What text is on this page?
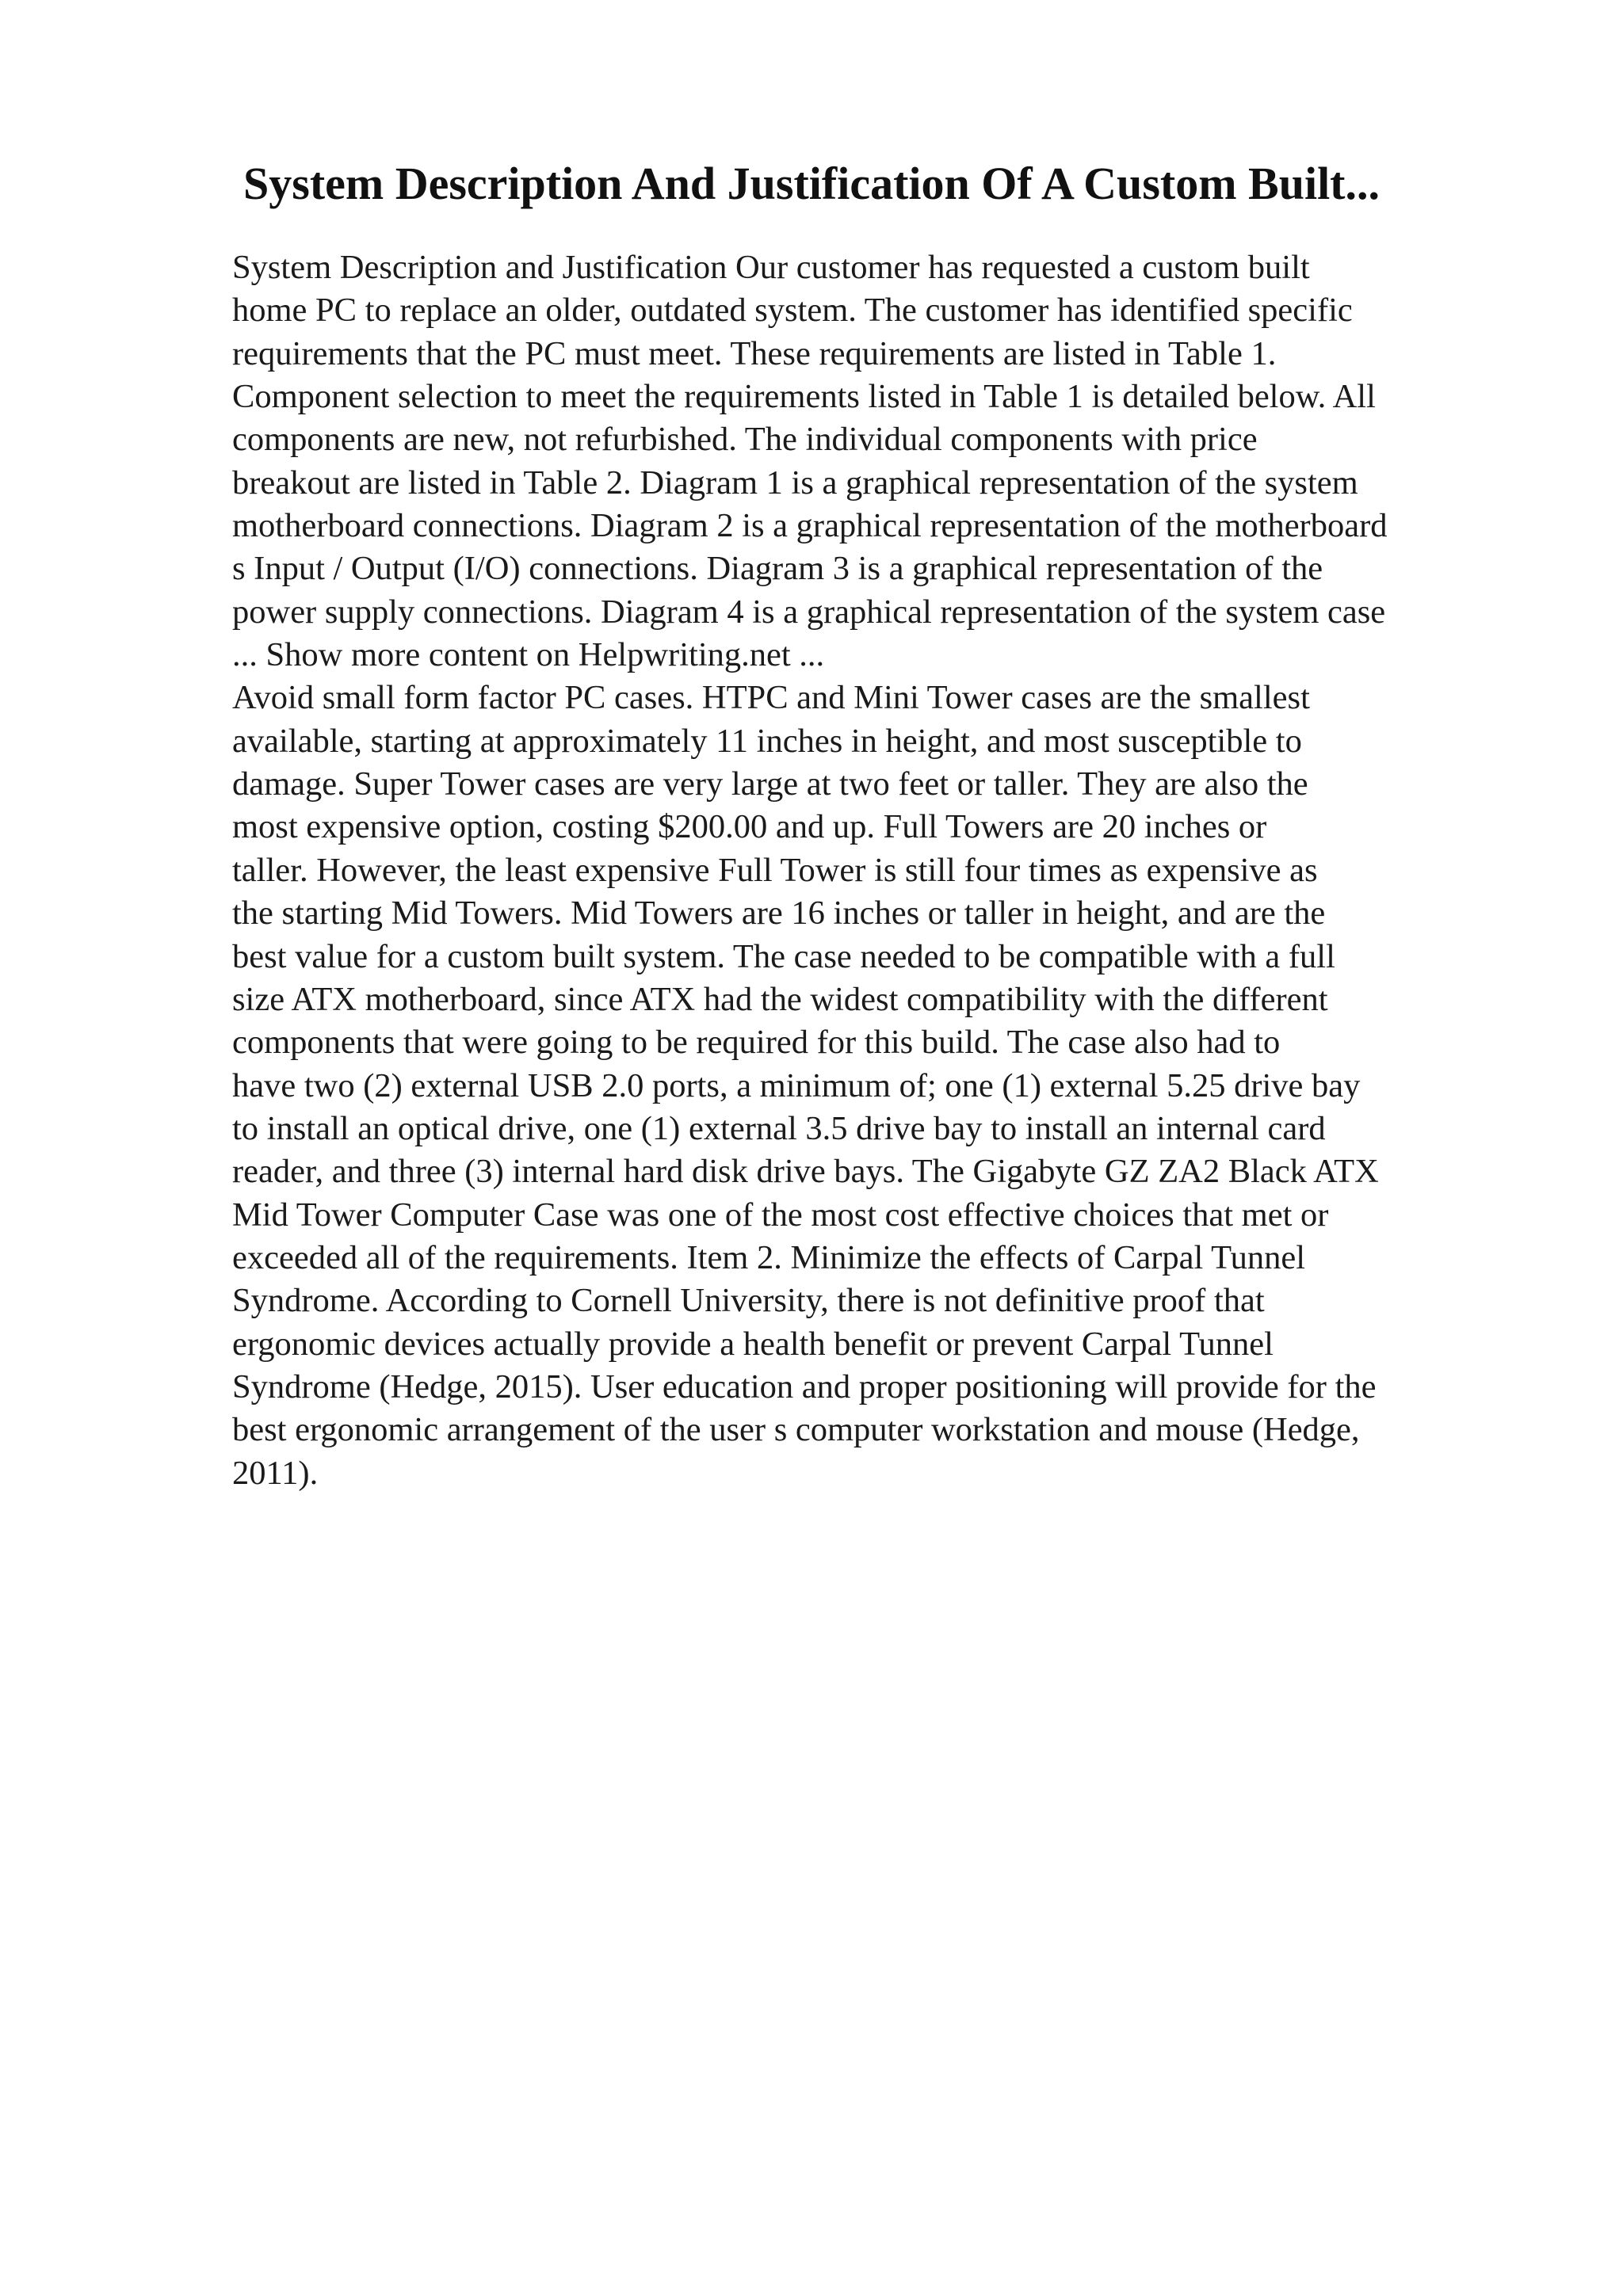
System Description And Justification Of A Custom Built...
System Description and Justification Our customer has requested a custom built
home PC to replace an older, outdated system. The customer has identified specific
requirements that the PC must meet. These requirements are listed in Table 1.
Component selection to meet the requirements listed in Table 1 is detailed below. All
components are new, not refurbished. The individual components with price
breakout are listed in Table 2. Diagram 1 is a graphical representation of the system
motherboard connections. Diagram 2 is a graphical representation of the motherboard
s Input / Output (I/O) connections. Diagram 3 is a graphical representation of the
power supply connections. Diagram 4 is a graphical representation of the system case
... Show more content on Helpwriting.net ...
Avoid small form factor PC cases. HTPC and Mini Tower cases are the smallest
available, starting at approximately 11 inches in height, and most susceptible to
damage. Super Tower cases are very large at two feet or taller. They are also the
most expensive option, costing $200.00 and up. Full Towers are 20 inches or
taller. However, the least expensive Full Tower is still four times as expensive as
the starting Mid Towers. Mid Towers are 16 inches or taller in height, and are the
best value for a custom built system. The case needed to be compatible with a full
size ATX motherboard, since ATX had the widest compatibility with the different
components that were going to be required for this build. The case also had to
have two (2) external USB 2.0 ports, a minimum of; one (1) external 5.25 drive bay
to install an optical drive, one (1) external 3.5 drive bay to install an internal card
reader, and three (3) internal hard disk drive bays. The Gigabyte GZ ZA2 Black ATX
Mid Tower Computer Case was one of the most cost effective choices that met or
exceeded all of the requirements. Item 2. Minimize the effects of Carpal Tunnel
Syndrome. According to Cornell University, there is not definitive proof that
ergonomic devices actually provide a health benefit or prevent Carpal Tunnel
Syndrome (Hedge, 2015). User education and proper positioning will provide for the
best ergonomic arrangement of the user s computer workstation and mouse (Hedge,
2011).
